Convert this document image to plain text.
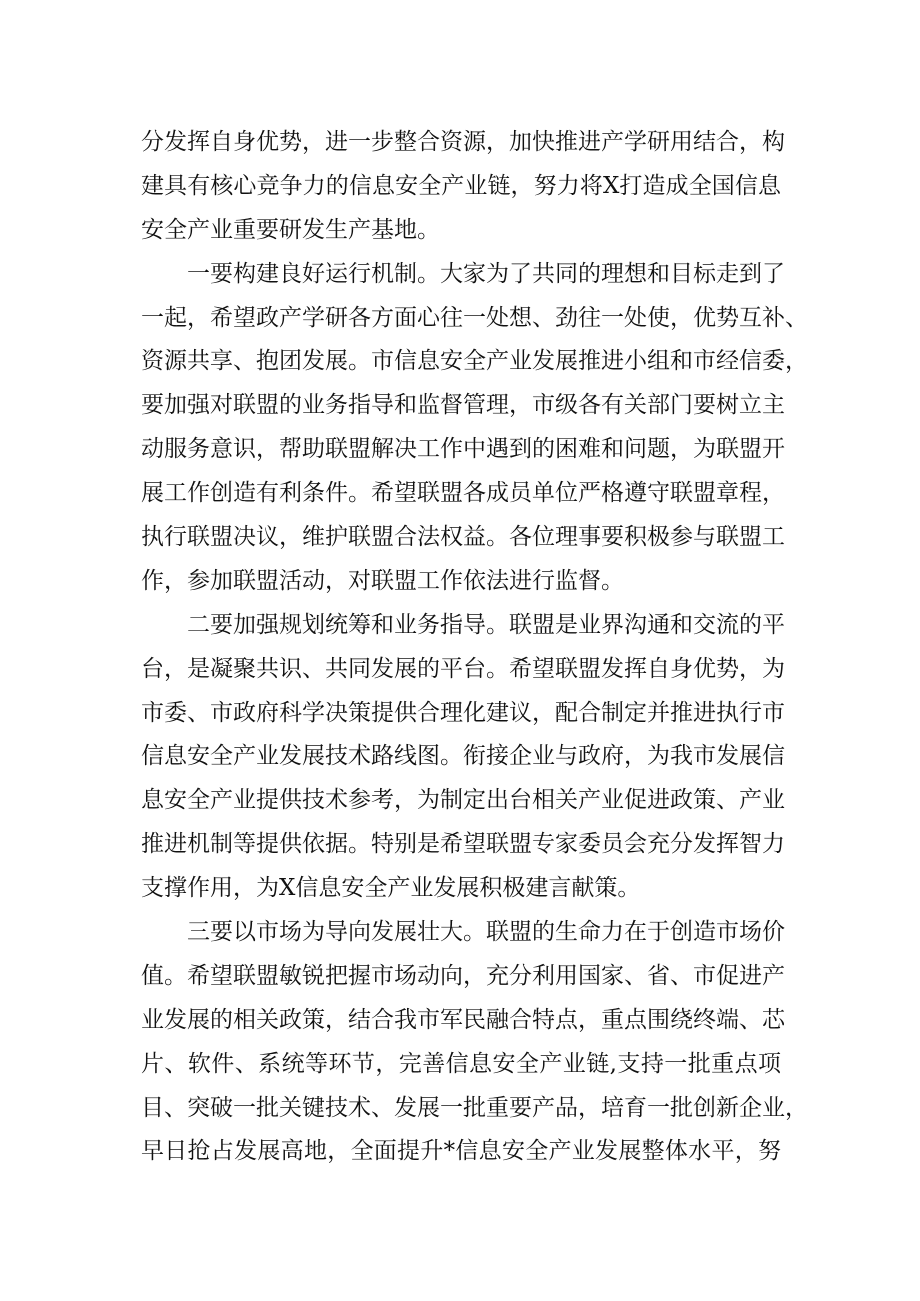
分发挥自身优势，进一步整合资源，加快推进产学研用结合，构
建具有核心竞争力的信息安全产业链，努力将X打造成全国信息
安全产业重要研发生产基地。
一要构建良好运行机制。大家为了共同的理想和目标走到了
一起，希望政产学研各方面心往一处想、劲往一处使，优势互补、
资源共享、抱团发展。市信息安全产业发展推进小组和市经信委，
要加强对联盟的业务指导和监督管理，市级各有关部门要树立主
动服务意识，帮助联盟解决工作中遇到的困难和问题，为联盟开
展工作创造有利条件。希望联盟各成员单位严格遵守联盟章程，
执行联盟决议，维护联盟合法权益。各位理事要积极参与联盟工
作，参加联盟活动，对联盟工作依法进行监督。
二要加强规划统筹和业务指导。联盟是业界沟通和交流的平
台，是凝聚共识、共同发展的平台。希望联盟发挥自身优势，为
市委、市政府科学决策提供合理化建议，配合制定并推进执行市
信息安全产业发展技术路线图。衔接企业与政府，为我市发展信
息安全产业提供技术参考，为制定出台相关产业促进政策、产业
推进机制等提供依据。特别是希望联盟专家委员会充分发挥智力
支撑作用，为X信息安全产业发展积极建言献策。
三要以市场为导向发展壮大。联盟的生命力在于创造市场价
值。希望联盟敏锐把握市场动向，充分利用国家、省、市促进产
业发展的相关政策，结合我市军民融合特点，重点围绕终端、芯
片、软件、系统等环节，完善信息安全产业链,支持一批重点项
目、突破一批关键技术、发展一批重要产品，培育一批创新企业，
早日抢占发展高地，全面提升*信息安全产业发展整体水平，努
